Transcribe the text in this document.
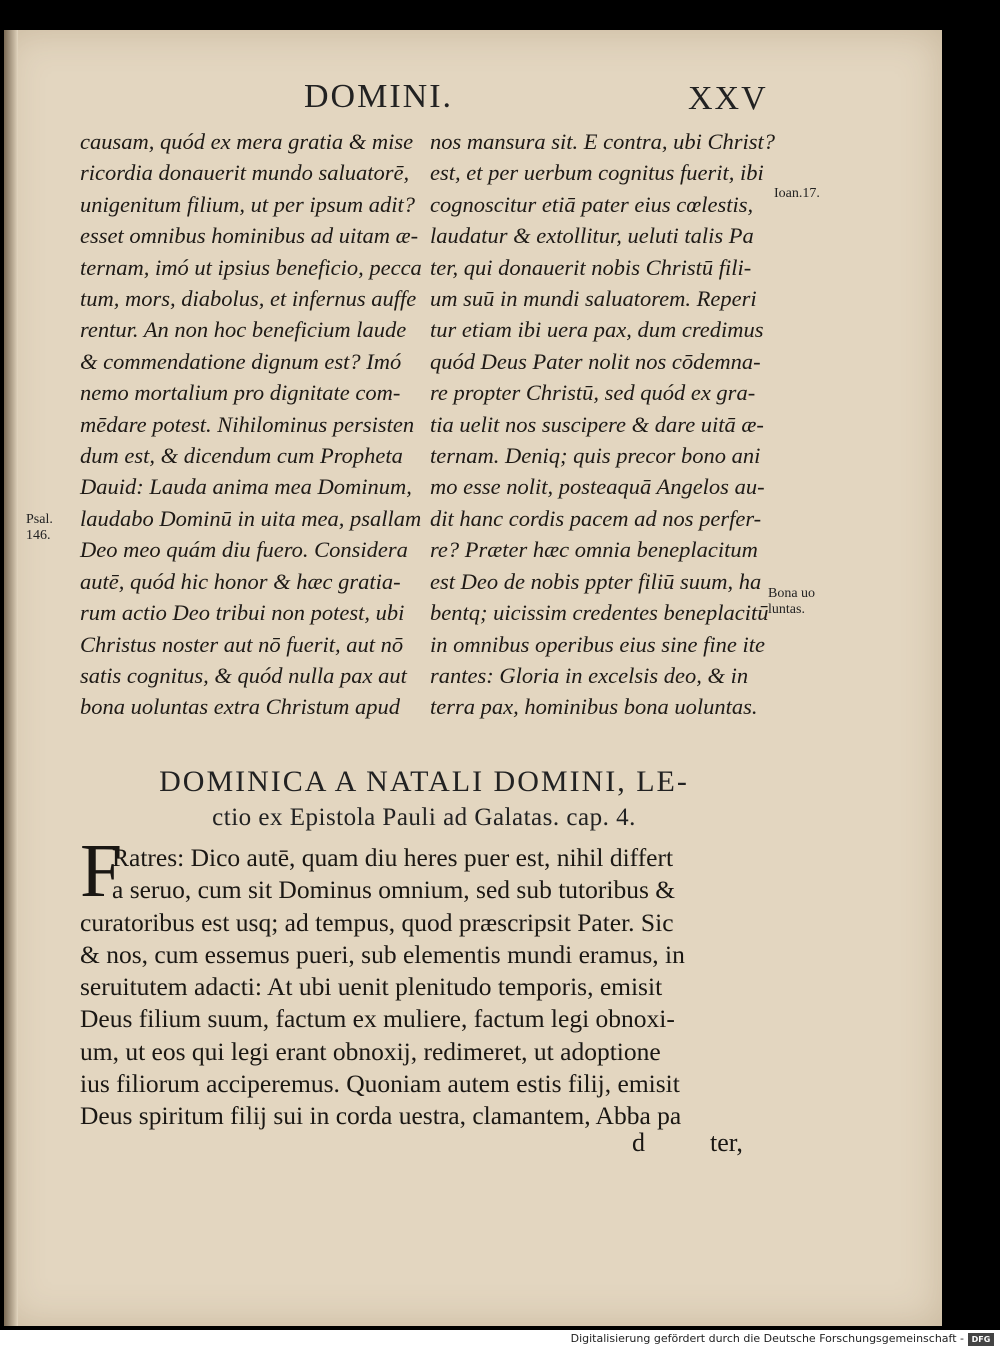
DOMINI.	XXV
causam, quód ex mera gratia & mise
ricordia donauerit mundo saluatorē,
unigenitum filium, ut per ipsum adit?
esset omnibus hominibus ad uitam æ-
ternam, imó ut ipsius beneficio, pecca
tum, mors, diabolus, et infernus auffe
rentur. An non hoc beneficium laude
& commendatione dignum est? Imó
nemo mortalium pro dignitate com-
mēdare potest. Nihilominus persisten
dum est, & dicendum cum Propheta
Dauid: Lauda anima mea Dominum,
laudabo Dominū in uita mea, psallam
Deo meo quám diu fuero. Considera
autē, quód hic honor & hæc gratia-
rum actio Deo tribui non potest, ubi
Christus noster aut nō fuerit, aut nō
satis cognitus, & quód nulla pax aut
bona uoluntas extra Christum apud
nos mansura sit. E contra, ubi Christ?
est, et per uerbum cognitus fuerit, ibi
cognoscitur etiā pater eius cœlestis,
laudatur & extollitur, ueluti talis Pa
ter, qui donauerit nobis Christū fili-
um suū in mundi saluatorem. Reperi
tur etiam ibi uera pax, dum credimus
quód Deus Pater nolit nos cōdemna-
re propter Christū, sed quód ex gra-
tia uelit nos suscipere & dare uitā æ-
ternam. Deniq; quis precor bono ani
mo esse nolit, posteaquā Angelos au-
dit hanc cordis pacem ad nos perfer-
re? Præter hæc omnia beneplacitum
est Deo de nobis ppter filiū suum, ha
bentq; uicissim credentes beneplacitū
in omnibus operibus eius sine fine ite
rantes: Gloria in excelsis deo, & in
terra pax, hominibus bona uoluntas.
Ioan.17.
Psal.
146.
Bona uo
luntas.
DOMINICA A NATALI DOMINI, LE-
ctio ex Epistola Pauli ad Galatas. cap. 4.
F
Ratres: Dico autē, quam diu heres puer est, nihil differt
a seruo, cum sit Dominus omnium, sed sub tutoribus &
curatoribus est usq; ad tempus, quod præscripsit Pater. Sic
& nos, cum essemus pueri, sub elementis mundi eramus, in
seruitutem adacti: At ubi uenit plenitudo temporis, emisit
Deus filium suum, factum ex muliere, factum legi obnoxi-
um, ut eos qui legi erant obnoxij, redimeret, ut adoptione
ius filiorum acciperemus. Quoniam autem estis filij, emisit
Deus spiritum filij sui in corda uestra, clamantem, Abba pa
d	ter,
Digitalisierung gefördert durch die Deutsche Forschungsgemeinschaft - DFG
